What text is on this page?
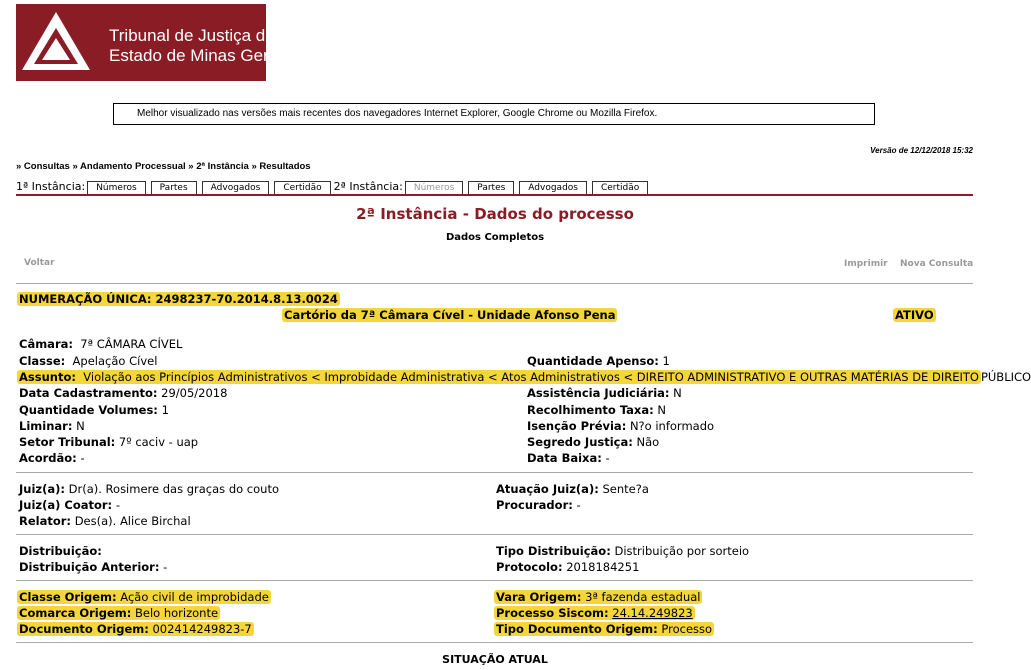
Tribunal de Justiça do
Estado de Minas Gerais
Melhor visualizado nas versões mais recentes dos navegadores Internet Explorer, Google Chrome ou Mozilla Firefox.
Versão de 12/12/2018 15:32
» Consultas » Andamento Processual » 2ª Instância » Resultados
1ª Instância:	Números	Partes	Advogados	Certidão	2ª Instância:	Números	Partes	Advogados	Certidão
2ª Instância - Dados do processo
Dados Completos
Voltar	Imprimir Nova Consulta
NUMERAÇÃO ÚNICA: 2498237-70.2014.8.13.0024
Cartório da 7ª Câmara Cível - Unidade Afonso Pena	ATIVO
Câmara: 7ª CÂMARA CÍVEL
Classe: Apelação Cível	Quantidade Apenso: 1
Assunto: Violação aos Princípios Administrativos < Improbidade Administrativa < Atos Administrativos < DIREITO ADMINISTRATIVO E OUTRAS MATÉRIAS DE DIREITO PÚBLICO
Data Cadastramento: 29/05/2018	Assistência Judiciária: N
Quantidade Volumes: 1	Recolhimento Taxa: N
Liminar: N	Isenção Prévia: N?o informado
Setor Tribunal: 7º caciv - uap	Segredo Justiça: Não
Acordão: -	Data Baixa: -
Juiz(a): Dr(a). Rosimere das graças do couto	Atuação Juiz(a): Sente?a
Juiz(a) Coator: -	Procurador: -
Relator: Des(a). Alice Birchal
Distribuição:	Tipo Distribuição: Distribuição por sorteio
Distribuição Anterior: -	Protocolo: 2018184251
Classe Origem: Ação civil de improbidade	Vara Origem: 3ª fazenda estadual
Comarca Origem: Belo horizonte	Processo Siscom: 24.14.249823
Documento Origem: 002414249823-7	Tipo Documento Origem: Processo
SITUAÇÃO ATUAL
